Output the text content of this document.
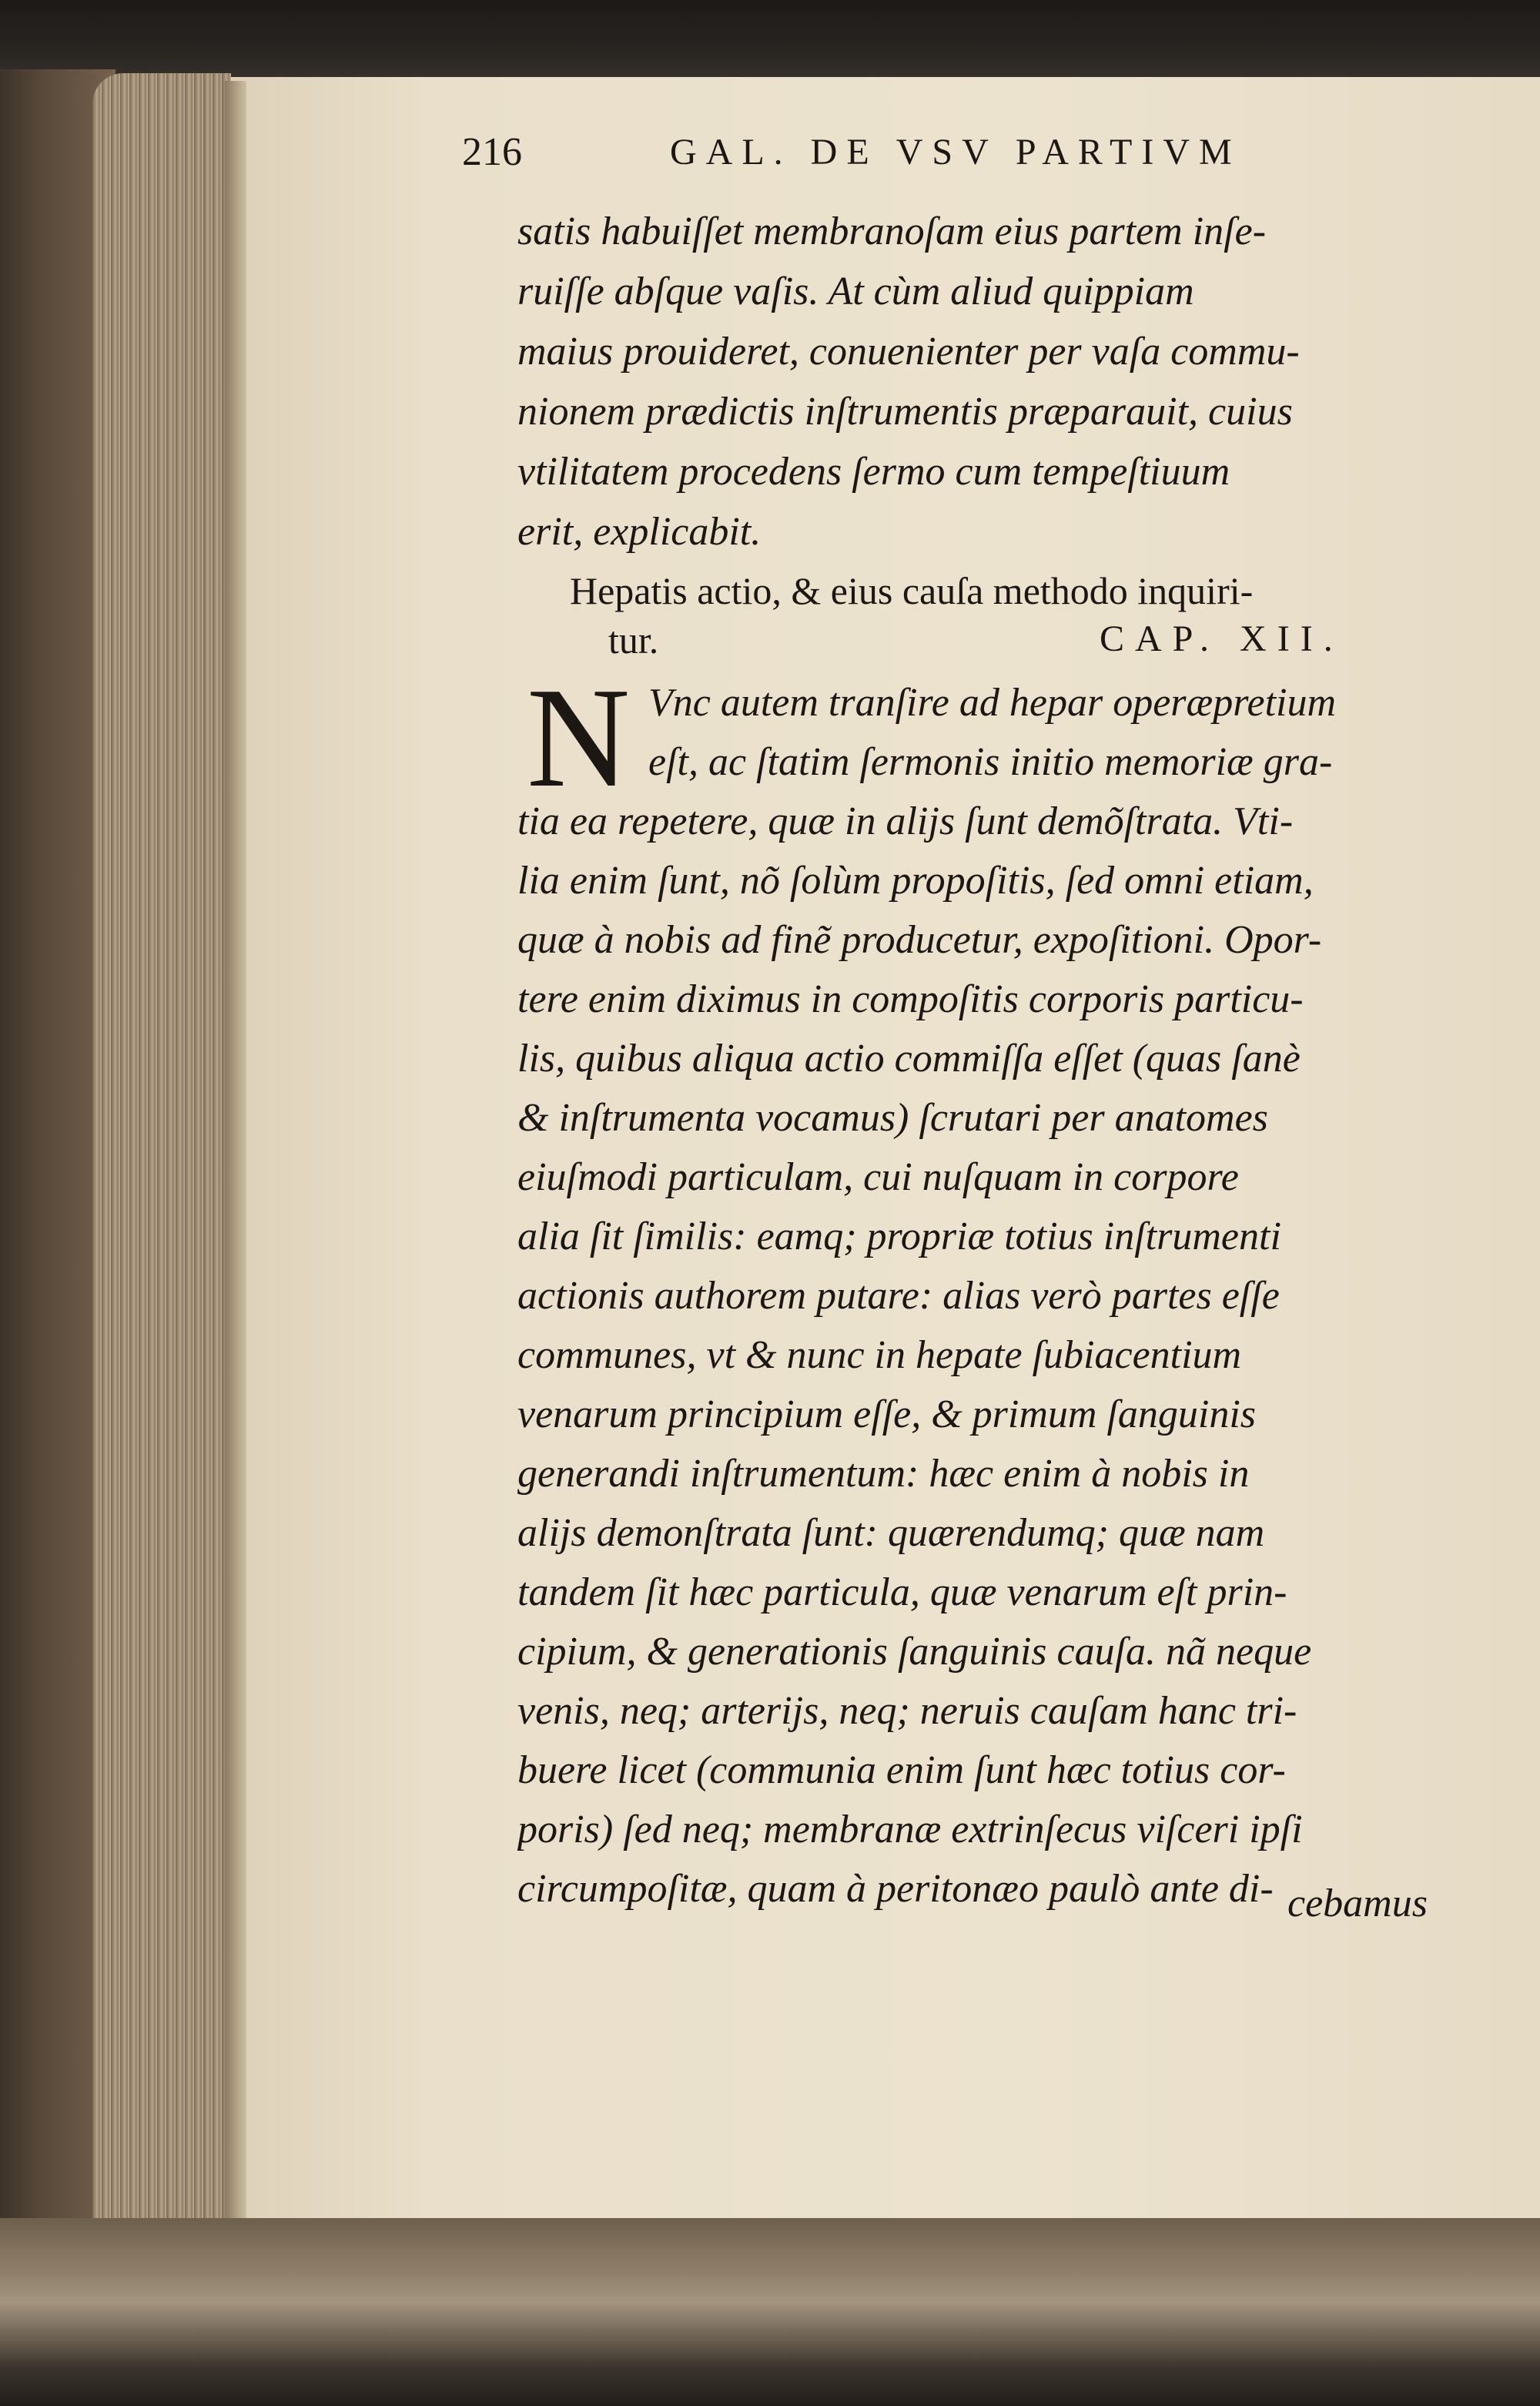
216	GAL. DE VSV PARTIVM
satis habuiſſet membranoſam eius partem inſe-
ruiſſe abſque vaſis. At cùm aliud quippiam
maius prouideret, conuenienter per vaſa commu-
nionem prædictis inſtrumentis præparauit, cuius
vtilitatem procedens ſermo cum tempeſtiuum
erit, explicabit.
Hepatis actio, & eius cauſa methodo inquiri-
tur.	CAP. XII.
N Vnc autem tranſire ad hepar operæpretium
eſt, ac ſtatim ſermonis initio memoriæ gra-
tia ea repetere, quæ in alijs ſunt demõſtrata. Vti-
lia enim ſunt, nõ ſolùm propoſitis, ſed omni etiam,
quæ à nobis ad finẽ producetur, expoſitioni. Opor-
tere enim diximus in compoſitis corporis particu-
lis, quibus aliqua actio commiſſa eſſet (quas ſanè
& inſtrumenta vocamus) ſcrutari per anatomes
eiuſmodi particulam, cui nuſquam in corpore
alia ſit ſimilis: eamq; propriæ totius inſtrumenti
actionis authorem putare: alias verò partes eſſe
communes, vt & nunc in hepate ſubiacentium
venarum principium eſſe, & primum ſanguinis
generandi inſtrumentum: hæc enim à nobis in
alijs demonſtrata ſunt: quærendumq; quæ nam
tandem ſit hæc particula, quæ venarum eſt prin-
cipium, & generationis ſanguinis cauſa. nã neque
venis, neq; arterijs, neq; neruis cauſam hanc tri-
buere licet (communia enim ſunt hæc totius cor-
poris) ſed neq; membranæ extrinſecus viſceri ipſi
circumpoſitæ, quam à peritonæo paulò ante di- cebamus
